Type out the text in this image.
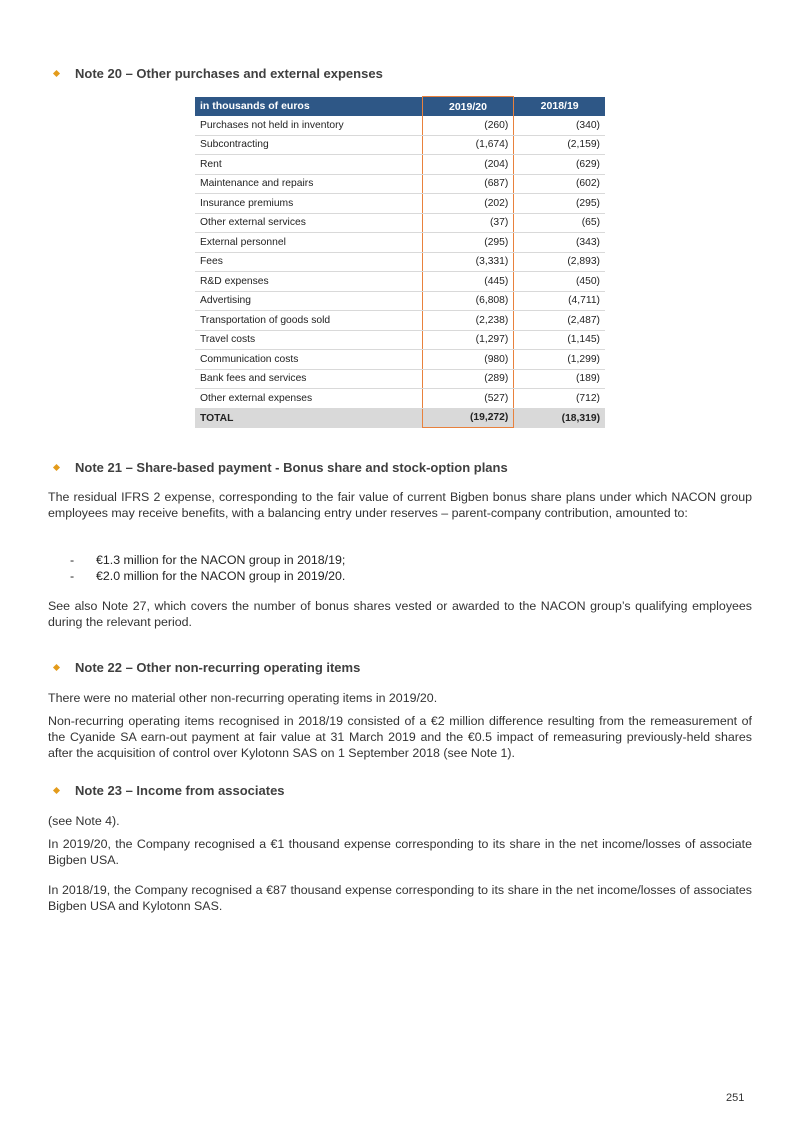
Note 20 – Other purchases and external expenses
in thousands of euros	2019/20	2018/19
Purchases not held in inventory	(260)	(340)
Subcontracting	(1,674)	(2,159)
Rent	(204)	(629)
Maintenance and repairs	(687)	(602)
Insurance premiums	(202)	(295)
Other external services	(37)	(65)
External personnel	(295)	(343)
Fees	(3,331)	(2,893)
R&D expenses	(445)	(450)
Advertising	(6,808)	(4,711)
Transportation of goods sold	(2,238)	(2,487)
Travel costs	(1,297)	(1,145)
Communication costs	(980)	(1,299)
Bank fees and services	(289)	(189)
Other external expenses	(527)	(712)
TOTAL	(19,272)	(18,319)
Note 21 – Share-based payment - Bonus share and stock-option plans

The residual IFRS 2 expense, corresponding to the fair value of current Bigben bonus share plans under which NACON group employees may receive benefits, with a balancing entry under reserves – parent-company contribution, amounted to:

-	€1.3 million for the NACON group in 2018/19;
-	€2.0 million for the NACON group in 2019/20.

See also Note 27, which covers the number of bonus shares vested or awarded to the NACON group’s qualifying employees during the relevant period.

Note 22 – Other non-recurring operating items

There were no material other non-recurring operating items in 2019/20.

Non-recurring operating items recognised in 2018/19 consisted of a €2 million difference resulting from the remeasurement of the Cyanide SA earn-out payment at fair value at 31 March 2019 and the €0.5 impact of remeasuring previously-held shares after the acquisition of control over Kylotonn SAS on 1 September 2018 (see Note 1).

Note 23 – Income from associates

(see Note 4).

In 2019/20, the Company recognised a €1 thousand expense corresponding to its share in the net income/losses of associate Bigben USA.

In 2018/19, the Company recognised a €87 thousand expense corresponding to its share in the net income/losses of associates Bigben USA and Kylotonn SAS.

251
